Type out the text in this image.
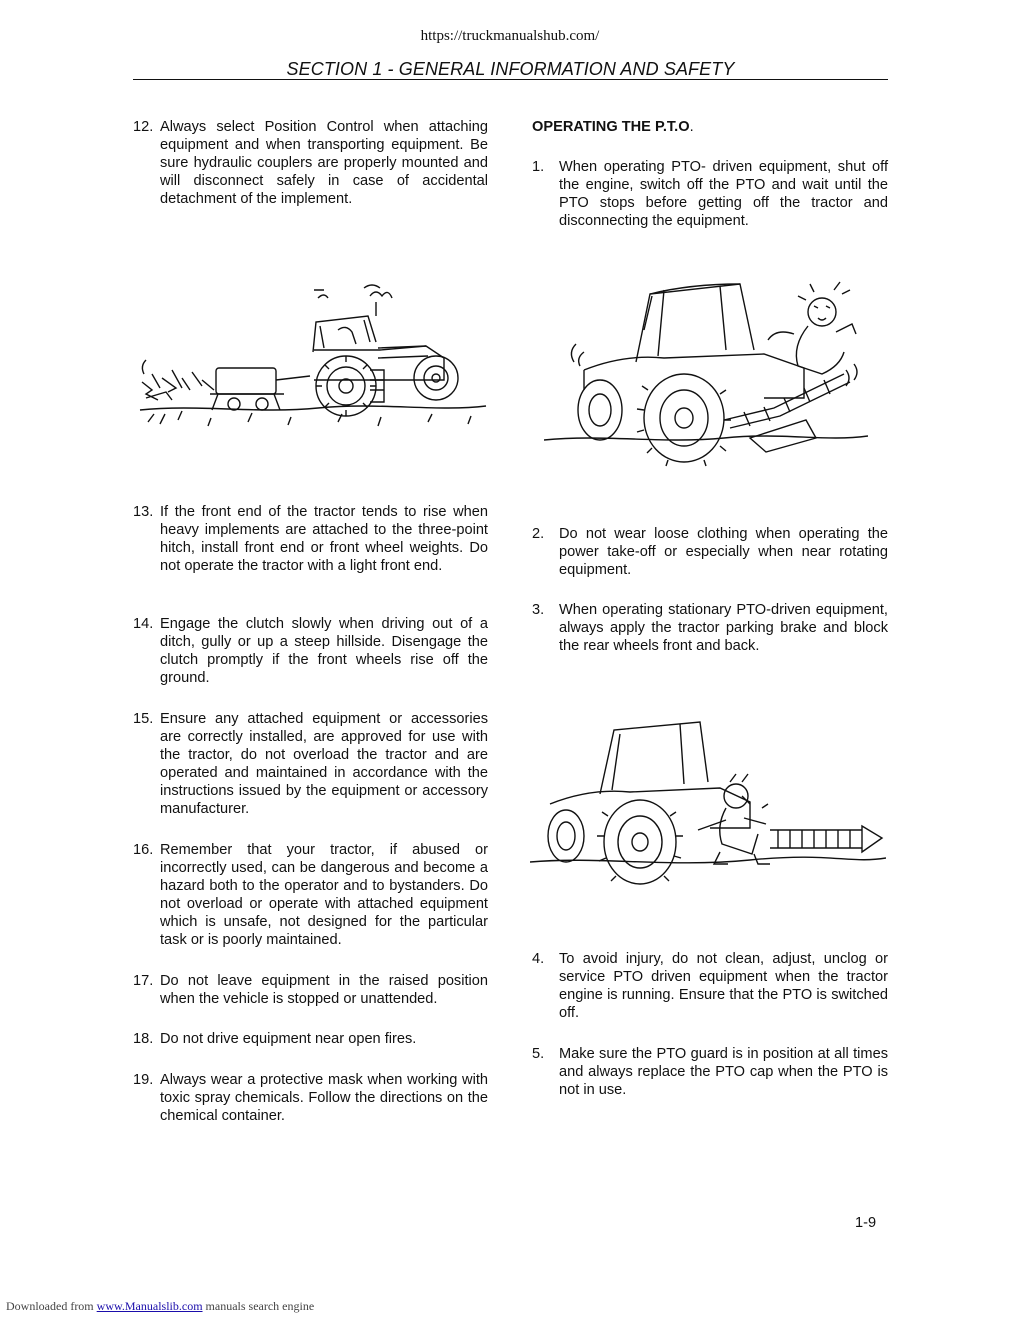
https://truckmanualshub.com/
SECTION 1 - GENERAL INFORMATION AND SAFETY
12. Always select Position Control when attaching equipment and when transporting equipment. Be sure hydraulic couplers are properly mounted and will disconnect safely in case of accidental detachment of the implement.
13. If the front end of the tractor tends to rise when heavy implements are attached to the three-point hitch, install front end or front wheel weights. Do not operate the tractor with a light front end.
14. Engage the clutch slowly when driving out of a ditch, gully or up a steep hillside. Disengage the clutch promptly if the front wheels rise off the ground.
15. Ensure any attached equipment or accessories are correctly installed, are approved for use with the tractor, do not overload the tractor and are operated and maintained in accordance with the instructions issued by the equipment or accessory manufacturer.
16. Remember that your tractor, if abused or incorrectly used, can be dangerous and become a hazard both to the operator and to bystanders. Do not overload or operate with attached equipment which is unsafe, not designed for the particular task or is poorly maintained.
17. Do not leave equipment in the raised position when the vehicle is stopped or unattended.
18. Do not drive equipment near open fires.
19. Always wear a protective mask when working with toxic spray chemicals. Follow the directions on the chemical container.
OPERATING THE P.T.O.
1. When operating PTO- driven equipment, shut off the engine, switch off the PTO and wait until the PTO stops before getting off the tractor and disconnecting the equipment.
2. Do not wear loose clothing when operating the power take-off or especially when near rotating equipment.
3. When operating stationary PTO-driven equipment, always apply the tractor parking brake and block the rear wheels front and back.
4. To avoid injury, do not clean, adjust, unclog or service PTO driven equipment when the tractor engine is running. Ensure that the PTO is switched off.
5. Make sure the PTO guard is in position at all times and always replace the PTO cap when the PTO is not in use.
1-9
Downloaded from www.Manualslib.com manuals search engine
